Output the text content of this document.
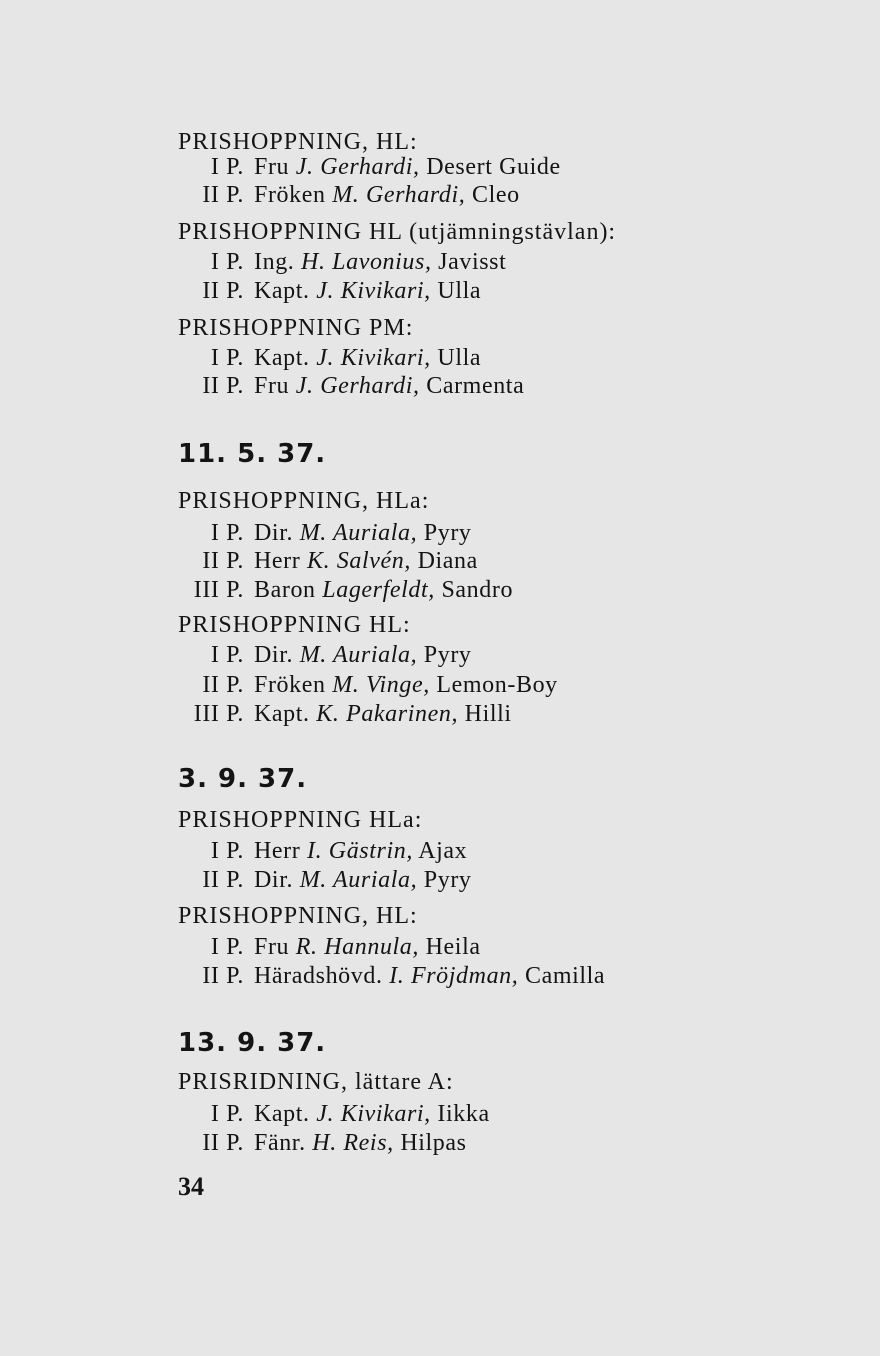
34
PRISHOPPNING, HL:
I P. Fru J. Gerhardi, Desert Guide
II P. Fröken M. Gerhardi, Cleo
PRISHOPPNING HL (utjämningstävlan):
I P. Ing. H. Lavonius, Javisst
II P. Kapt. J. Kivikari, Ulla
PRISHOPPNING PM:
I P. Kapt. J. Kivikari, Ulla
II P. Fru J. Gerhardi, Carmenta
11. 5. 37.
PRISHOPPNING, HLa:
I P. Dir. M. Auriala, Pyry
II P. Herr K. Salvén, Diana
III P. Baron Lagerfeldt, Sandro
PRISHOPPNING HL:
I P. Dir. M. Auriala, Pyry
II P. Fröken M. Vinge, Lemon-Boy
III P. Kapt. K. Pakarinen, Hilli
3. 9. 37.
PRISHOPPNING HLa:
I P. Herr I. Gästrin, Ajax
II P. Dir. M. Auriala, Pyry
PRISHOPPNING, HL:
I P. Fru R. Hannula, Heila
II P. Häradshövd. I. Fröjdman, Camilla
13. 9. 37.
PRISRIDNING, lättare A:
I P. Kapt. J. Kivikari, Iikka
II P. Fänr. H. Reis, Hilpas
